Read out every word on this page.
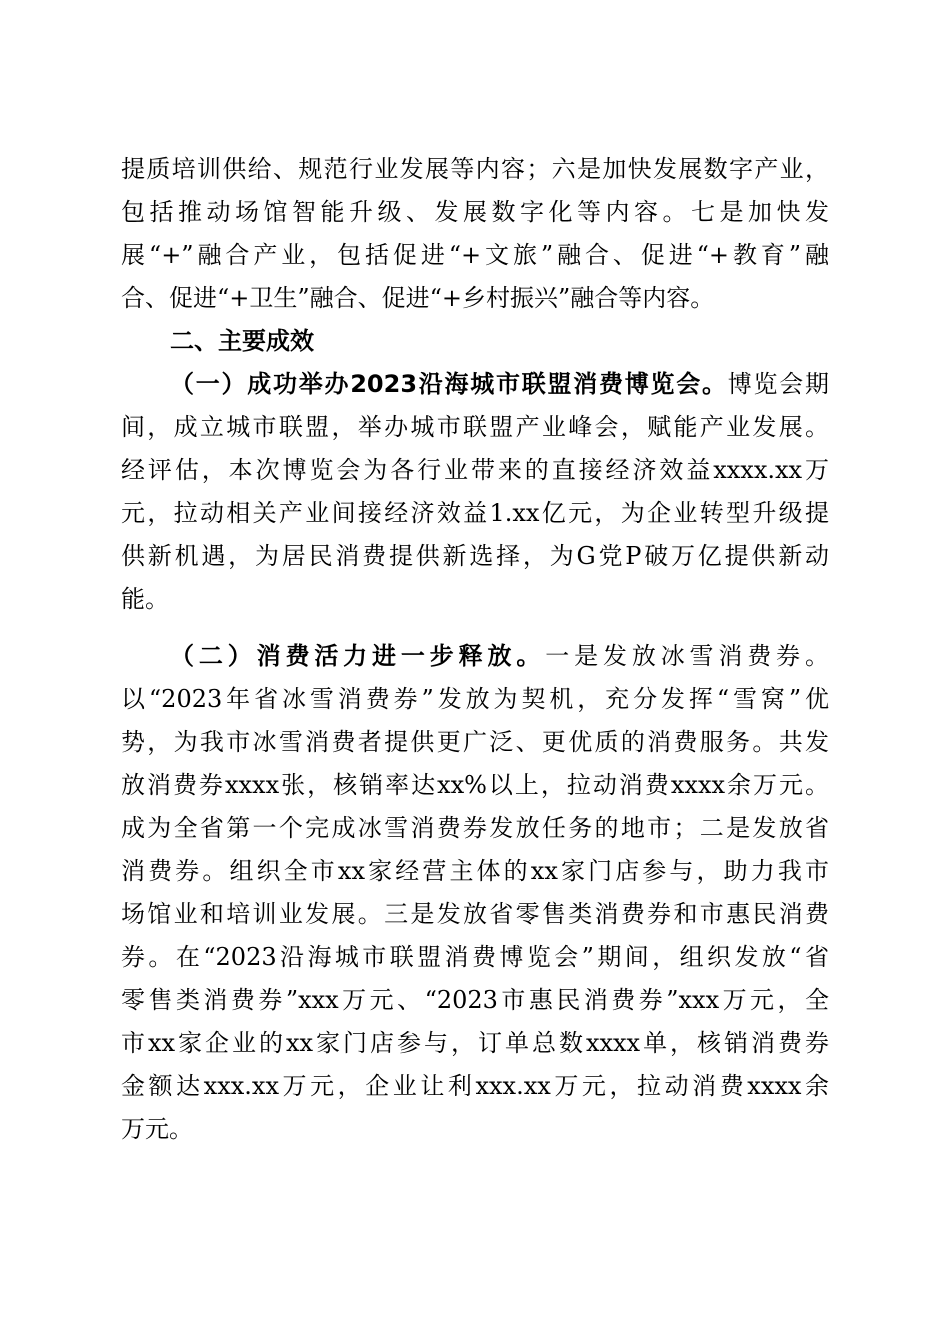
提质培训供给、规范行业发展等内容；六是加快发展数字产业，
包括推动场馆智能升级、发展数字化等内容。七是加快发
展“+”融合产业，包括促进“+文旅”融合、促进“+教育”融
合、促进“+卫生”融合、促进“+乡村振兴”融合等内容。
二、主要成效
（一）成功举办2023沿海城市联盟消费博览会。博览会期
间，成立城市联盟，举办城市联盟产业峰会，赋能产业发展。
经评估，本次博览会为各行业带来的直接经济效益xxxx.xx万
元，拉动相关产业间接经济效益1.xx亿元，为企业转型升级提
供新机遇，为居民消费提供新选择，为G党P破万亿提供新动
能。
（二）消费活力进一步释放。一是发放冰雪消费券。
以“2023年省冰雪消费券”发放为契机，充分发挥“雪窝”优
势，为我市冰雪消费者提供更广泛、更优质的消费服务。共发
放消费券xxxx张，核销率达xx%以上，拉动消费xxxx余万元。
成为全省第一个完成冰雪消费券发放任务的地市；二是发放省
消费券。组织全市xx家经营主体的xx家门店参与，助力我市
场馆业和培训业发展。三是发放省零售类消费券和市惠民消费
券。在“2023沿海城市联盟消费博览会”期间，组织发放“省
零售类消费券”xxx万元、“2023市惠民消费券”xxx万元，全
市xx家企业的xx家门店参与，订单总数xxxx单，核销消费券
金额达xxx.xx万元，企业让利xxx.xx万元，拉动消费xxxx余
万元。
